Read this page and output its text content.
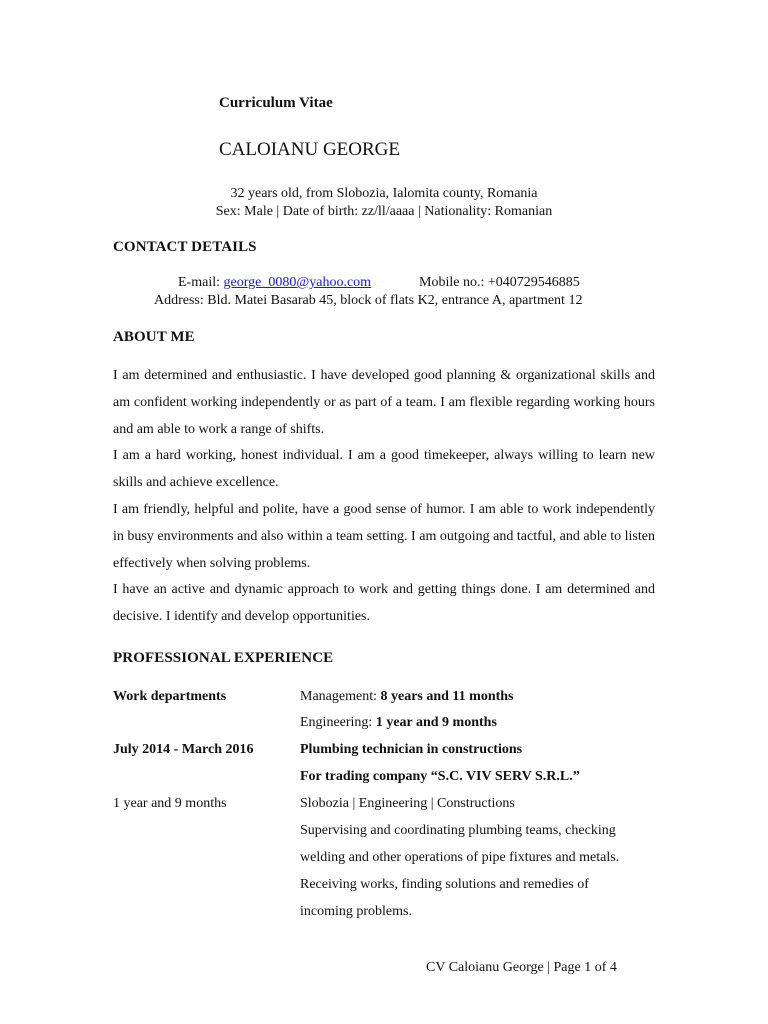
Curriculum Vitae
CALOIANU GEORGE
32 years old, from Slobozia, Ialomita county, Romania
Sex: Male | Date of birth: zz/ll/aaaa | Nationality: Romanian
CONTACT DETAILS
E-mail: george_0080@yahoo.com	Mobile no.: +040729546885
Address: Bld. Matei Basarab 45, block of flats K2, entrance A, apartment 12
ABOUT ME

I am determined and enthusiastic. I have developed good planning & organizational skills and am confident working independently or as part of a team. I am flexible regarding working hours and am able to work a range of shifts.

I am a hard working, honest individual. I am a good timekeeper, always willing to learn new skills and achieve excellence.

I am friendly, helpful and polite, have a good sense of humor. I am able to work independently in busy environments and also within a team setting. I am outgoing and tactful, and able to listen effectively when solving problems.

I have an active and dynamic approach to work and getting things done. I am determined and decisive. I identify and develop opportunities.

PROFESSIONAL EXPERIENCE
Work departments	Management: 8 years and 11 months
Engineering: 1 year and 9 months
July 2014 - March 2016	Plumbing technician in constructions
For trading company “S.C. VIV SERV S.R.L.”
1 year and 9 months	Slobozia | Engineering | Constructions
Supervising and coordinating plumbing teams, checking
welding and other operations of pipe fixtures and metals.
Receiving works, finding solutions and remedies of
incoming problems.
CV Caloianu George | Page 1 of 4
